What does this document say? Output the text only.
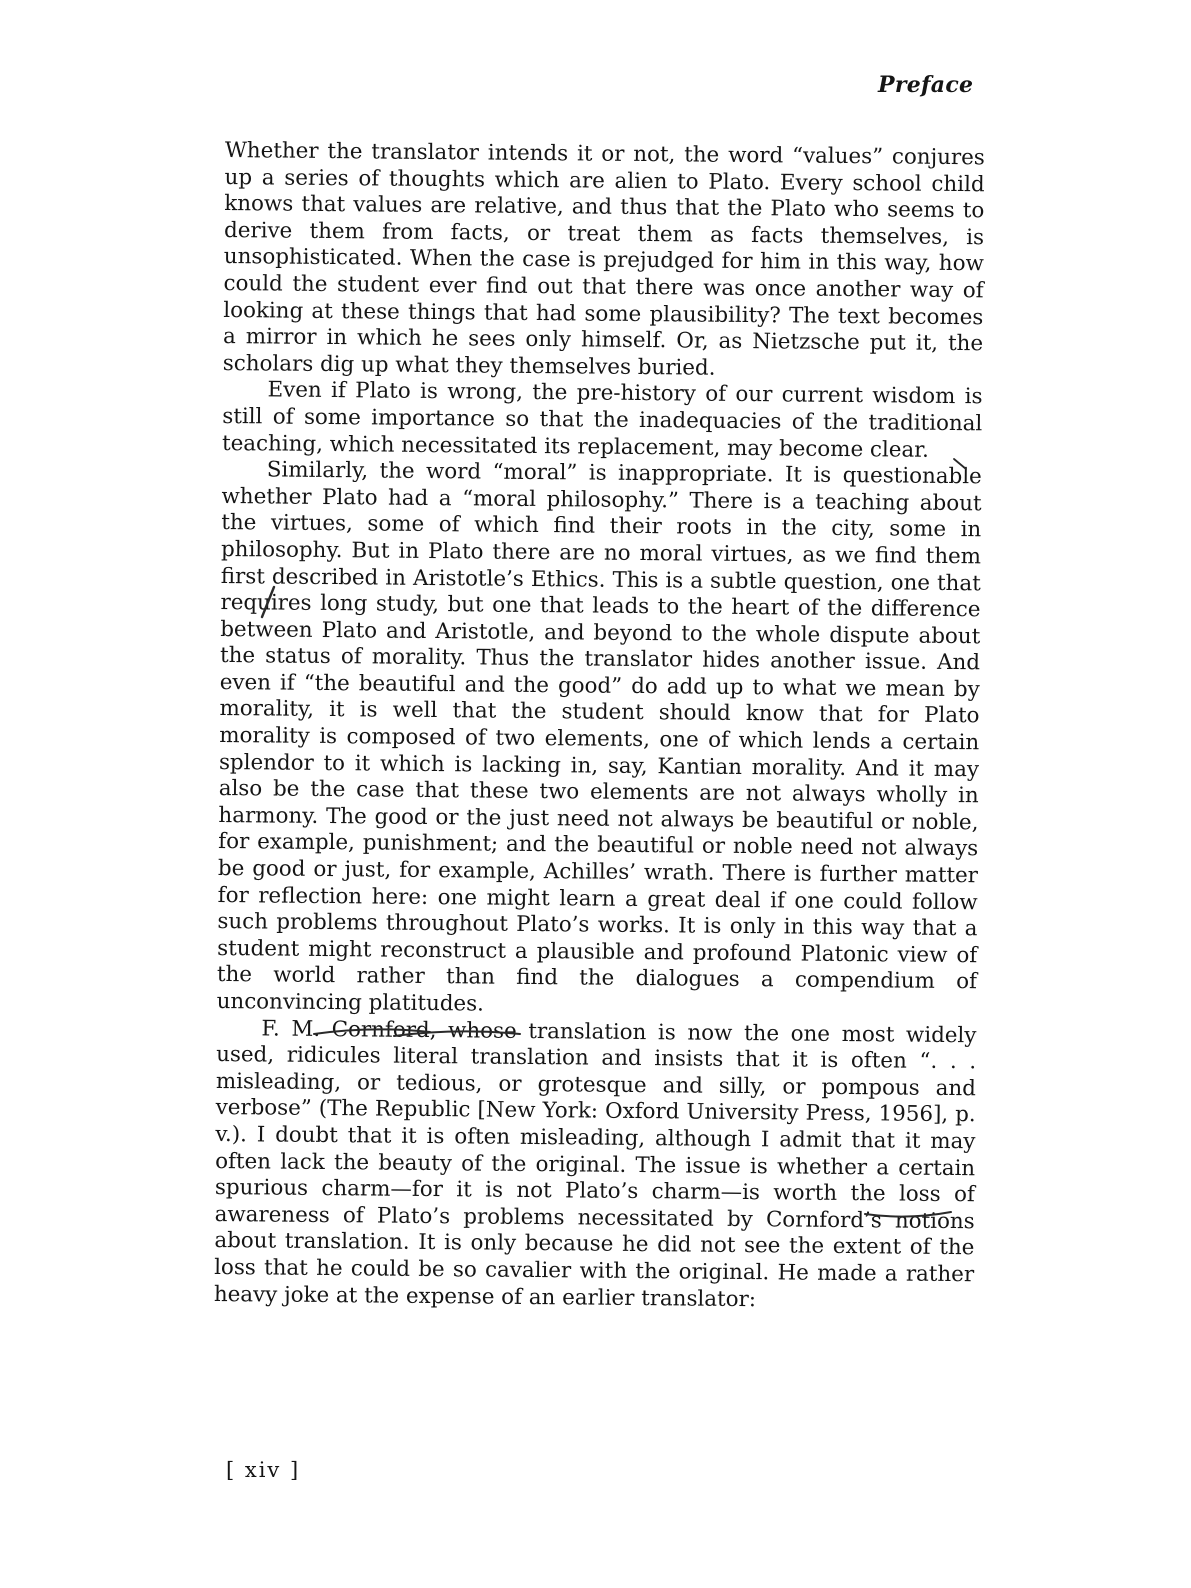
Preface

Whether the translator intends it or not, the word “values” conjures up a series of thoughts which are alien to Plato. Every school child knows that values are relative, and thus that the Plato who seems to derive them from facts, or treat them as facts themselves, is unsophisticated. When the case is prejudged for him in this way, how could the student ever find out that there was once another way of looking at these things that had some plausibility? The text becomes a mirror in which he sees only himself. Or, as Nietzsche put it, the scholars dig up what they themselves buried.

Even if Plato is wrong, the pre-history of our current wisdom is still of some importance so that the inadequacies of the traditional teaching, which necessitated its replacement, may become clear.

Similarly, the word “moral” is inappropriate. It is questionable whether Plato had a “moral philosophy.” There is a teaching about the virtues, some of which find their roots in the city, some in philosophy. But in Plato there are no moral virtues, as we find them first described in Aristotle’s Ethics. This is a subtle question, one that requires long study, but one that leads to the heart of the difference between Plato and Aristotle, and beyond to the whole dispute about the status of morality. Thus the translator hides another issue. And even if “the beautiful and the good” do add up to what we mean by morality, it is well that the student should know that for Plato morality is composed of two elements, one of which lends a certain splendor to it which is lacking in, say, Kantian morality. And it may also be the case that these two elements are not always wholly in harmony. The good or the just need not always be beautiful or noble, for example, punishment; and the beautiful or noble need not always be good or just, for example, Achilles’ wrath. There is further matter for reflection here: one might learn a great deal if one could follow such problems throughout Plato’s works. It is only in this way that a student might reconstruct a plausible and profound Platonic view of the world rather than find the dialogues a compendium of unconvincing platitudes.

F. M. Cornford, whose translation is now the one most widely used, ridicules literal translation and insists that it is often “. . . misleading, or tedious, or grotesque and silly, or pompous and verbose” (The Republic [New York: Oxford University Press, 1956], p. v.). I doubt that it is often misleading, although I admit that it may often lack the beauty of the original. The issue is whether a certain spurious charm—for it is not Plato’s charm—is worth the loss of awareness of Plato’s problems necessitated by Cornford’s notions about translation. It is only because he did not see the extent of the loss that he could be so cavalier with the original. He made a rather heavy joke at the expense of an earlier translator:

[ xiv ]
